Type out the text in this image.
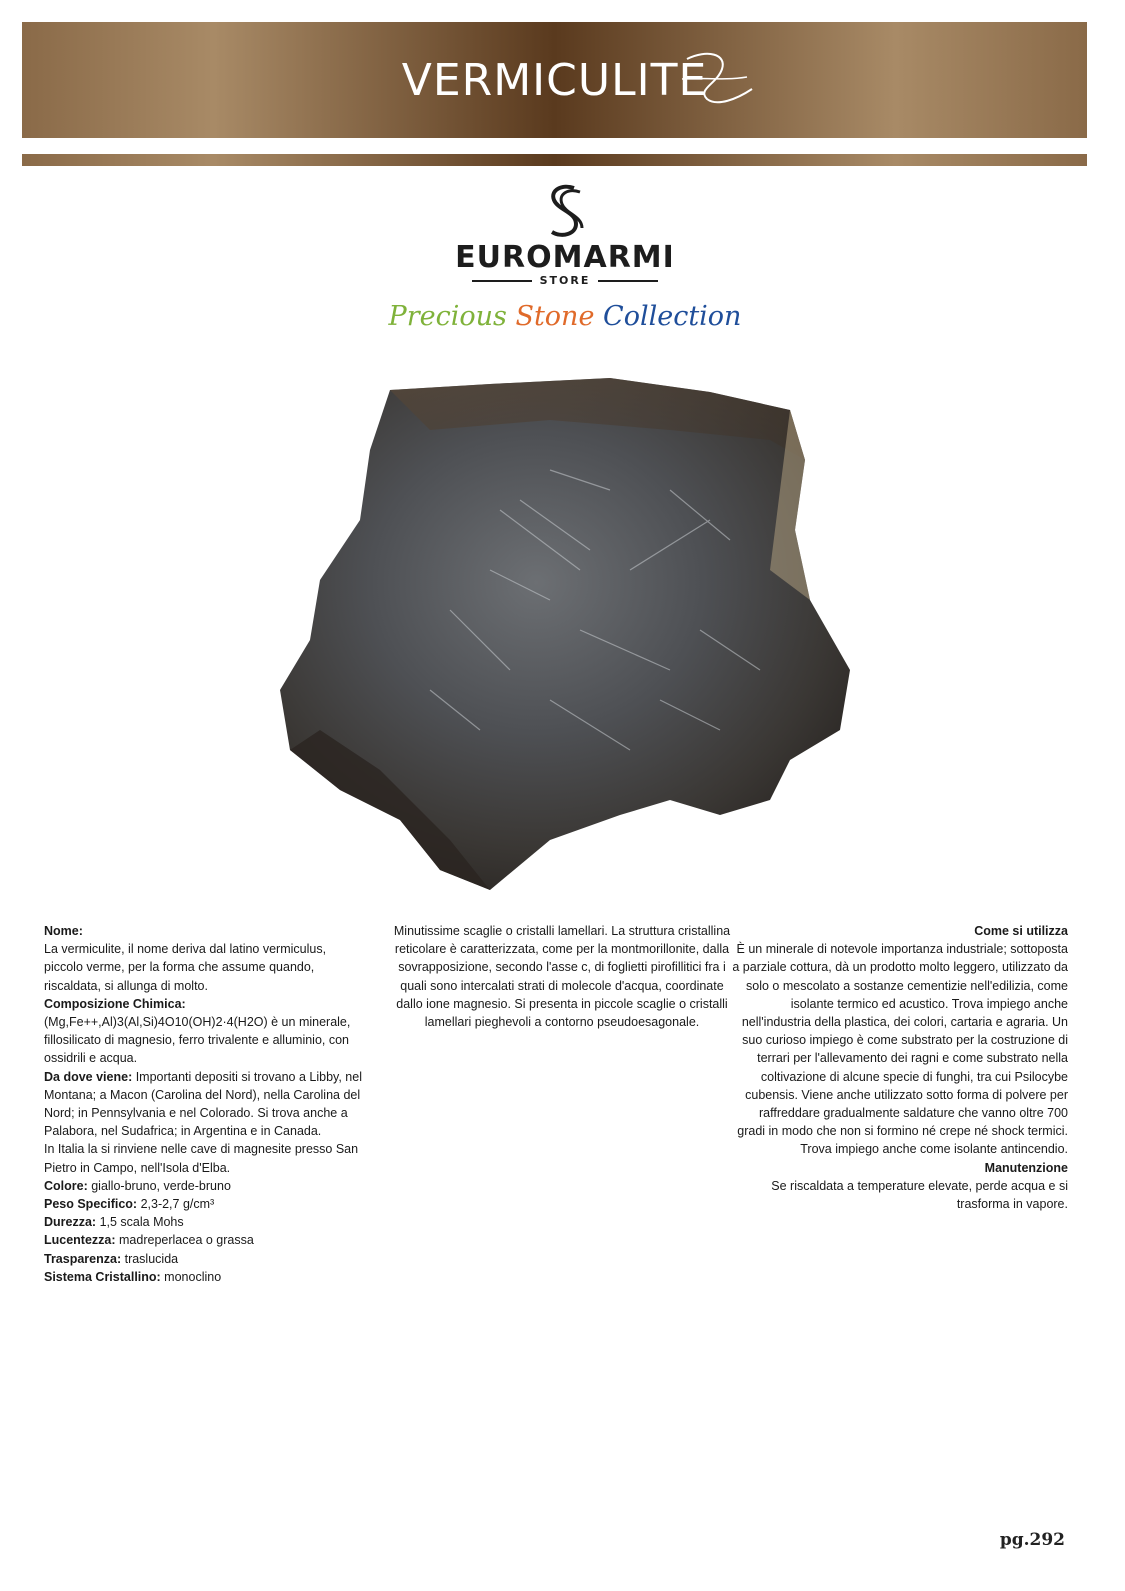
VERMICULITE
EUROMARMI
STORE
Precious Stone Collection
Nome:
La vermiculite, il nome deriva dal latino vermiculus, piccolo verme, per la forma che assume quando, riscaldata, si allunga di molto.
Composizione Chimica:
(Mg,Fe++,Al)3(Al,Si)4O10(OH)2·4(H2O) è un minerale, fillosilicato di magnesio, ferro trivalente e alluminio, con ossidrili e acqua.
Da dove viene: Importanti depositi si trovano a Libby, nel Montana; a Macon (Carolina del Nord), nella Carolina del Nord; in Pennsylvania e nel Colorado. Si trova anche a Palabora, nel Sudafrica; in Argentina e in Canada.
In Italia la si rinviene nelle cave di magnesite presso San Pietro in Campo, nell'Isola d'Elba.
Colore: giallo-bruno, verde-bruno
Peso Specifico: 2,3-2,7 g/cm³
Durezza: 1,5 scala Mohs
Lucentezza: madreperlacea o grassa
Trasparenza: traslucida
Sistema Cristallino: monoclino
Minutissime scaglie o cristalli lamellari. La struttura cristallina reticolare è caratterizzata, come per la montmorillonite, dalla sovrapposizione, secondo l'asse c, di foglietti pirofillitici fra i quali sono intercalati strati di molecole d'acqua, coordinate dallo ione magnesio. Si presenta in piccole scaglie o cristalli lamellari pieghevoli a contorno pseudoesagonale.
Come si utilizza
È un minerale di notevole importanza industriale; sottoposta a parziale cottura, dà un prodotto molto leggero, utilizzato da solo o mescolato a sostanze cementizie nell'edilizia, come isolante termico ed acustico. Trova impiego anche nell'industria della plastica, dei colori, cartaria e agraria. Un suo curioso impiego è come substrato per la costruzione di terrari per l'allevamento dei ragni e come substrato nella coltivazione di alcune specie di funghi, tra cui Psilocybe cubensis. Viene anche utilizzato sotto forma di polvere per raffreddare gradualmente saldature che vanno oltre 700 gradi in modo che non si formino né crepe né shock termici. Trova impiego anche come isolante antincendio.
Manutenzione
Se riscaldata a temperature elevate, perde acqua e si trasforma in vapore.
pg.292
